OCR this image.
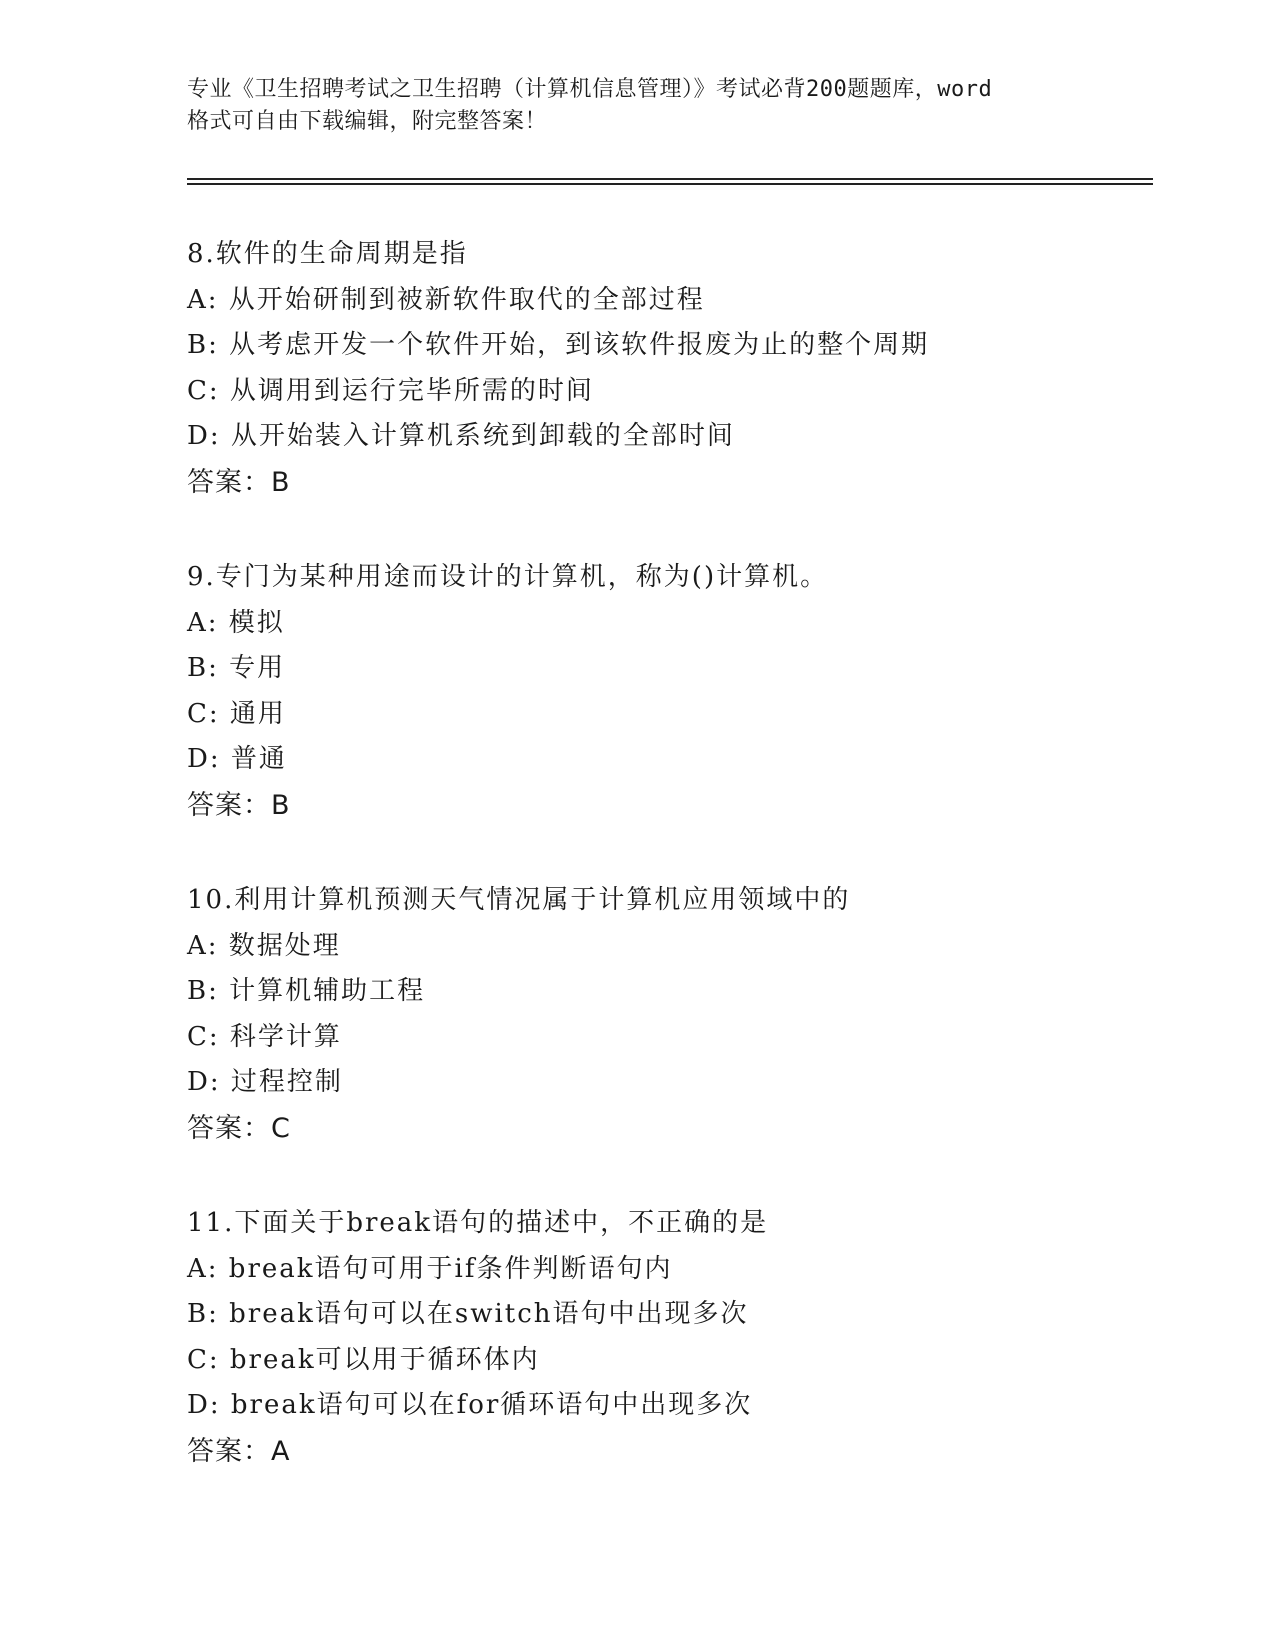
专业《卫生招聘考试之卫生招聘（计算机信息管理）》考试必背200题题库，word
格式可自由下载编辑，附完整答案！
8.软件的生命周期是指
A: 从开始研制到被新软件取代的全部过程
B: 从考虑开发一个软件开始，到该软件报废为止的整个周期
C: 从调用到运行完毕所需的时间
D: 从开始装入计算机系统到卸载的全部时间
答案：B
9.专门为某种用途而设计的计算机，称为()计算机。
A: 模拟
B: 专用
C: 通用
D: 普通
答案：B
10.利用计算机预测天气情况属于计算机应用领域中的
A: 数据处理
B: 计算机辅助工程
C: 科学计算
D: 过程控制
答案：C
11.下面关于break语句的描述中，不正确的是
A: break语句可用于if条件判断语句内
B: break语句可以在switch语句中出现多次
C: break可以用于循环体内
D: break语句可以在for循环语句中出现多次
答案：A
